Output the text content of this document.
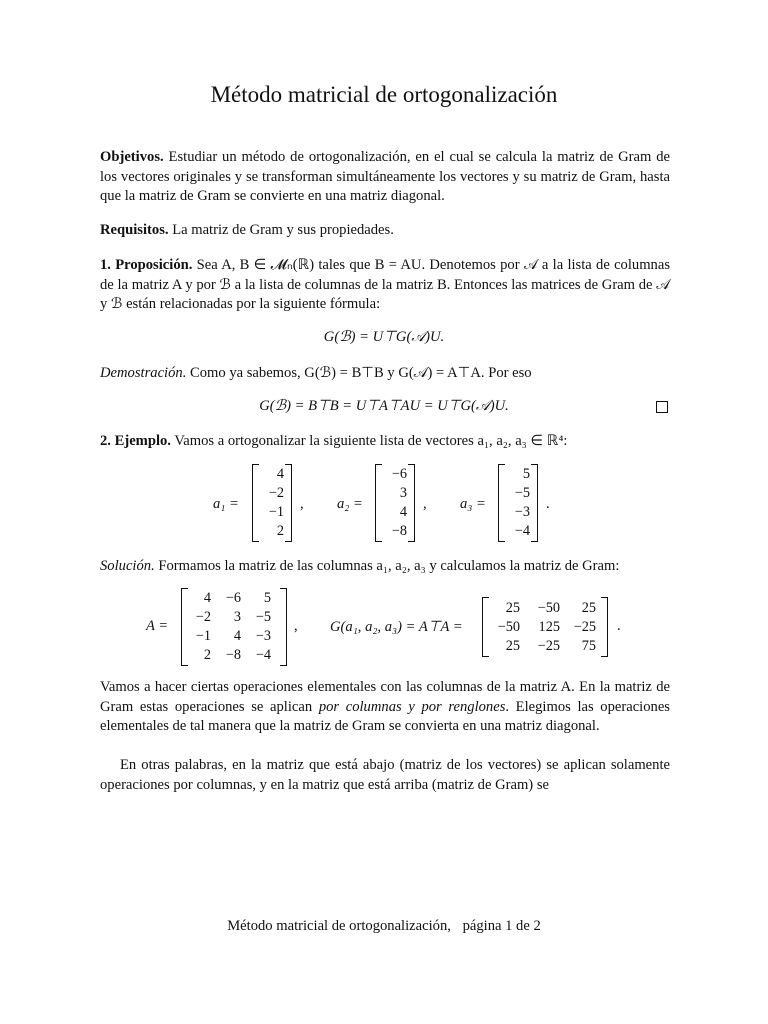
Método matricial de ortogonalización
Objetivos. Estudiar un método de ortogonalización, en el cual se calcula la matriz de Gram de los vectores originales y se transforman simultáneamente los vectores y su matriz de Gram, hasta que la matriz de Gram se convierte en una matriz diagonal.
Requisitos. La matriz de Gram y sus propiedades.
1. Proposición. Sea A, B ∈ 𝓜ₙ(ℝ) tales que B = AU. Denotemos por 𝒜 a la lista de columnas de la matriz A y por ℬ a la lista de columnas de la matriz B. Entonces las matrices de Gram de 𝒜 y ℬ están relacionadas por la siguiente fórmula:
G(ℬ) = U⊤G(𝒜)U.
Demostración. Como ya sabemos, G(ℬ) = B⊤B y G(𝒜) = A⊤A. Por eso
G(ℬ) = B⊤B = U⊤A⊤AU = U⊤G(𝒜)U.
2. Ejemplo. Vamos a ortogonalizar la siguiente lista de vectores a₁, a₂, a₃ ∈ ℝ⁴:
a₁ =
4
−2
−1
2
, a₂ =
−6
3
4
−8
, a₃ =
5
−5
−3
−4
.
Solución. Formamos la matriz de las columnas a₁, a₂, a₃ y calculamos la matriz de Gram:
A =
4
−2
−1
2
−6
3
4
−8
5
−5
−3
−4
, G(a₁, a₂, a₃) = A⊤A =
25
−50
25
−50
125
−25
25
−25
75
.
Vamos a hacer ciertas operaciones elementales con las columnas de la matriz A. En la matriz de Gram estas operaciones se aplican por columnas y por renglones. Elegimos las operaciones elementales de tal manera que la matriz de Gram se convierta en una matriz diagonal.
En otras palabras, en la matriz que está abajo (matriz de los vectores) se aplican solamente operaciones por columnas, y en la matriz que está arriba (matriz de Gram) se
Método matricial de ortogonalización, página 1 de 2
